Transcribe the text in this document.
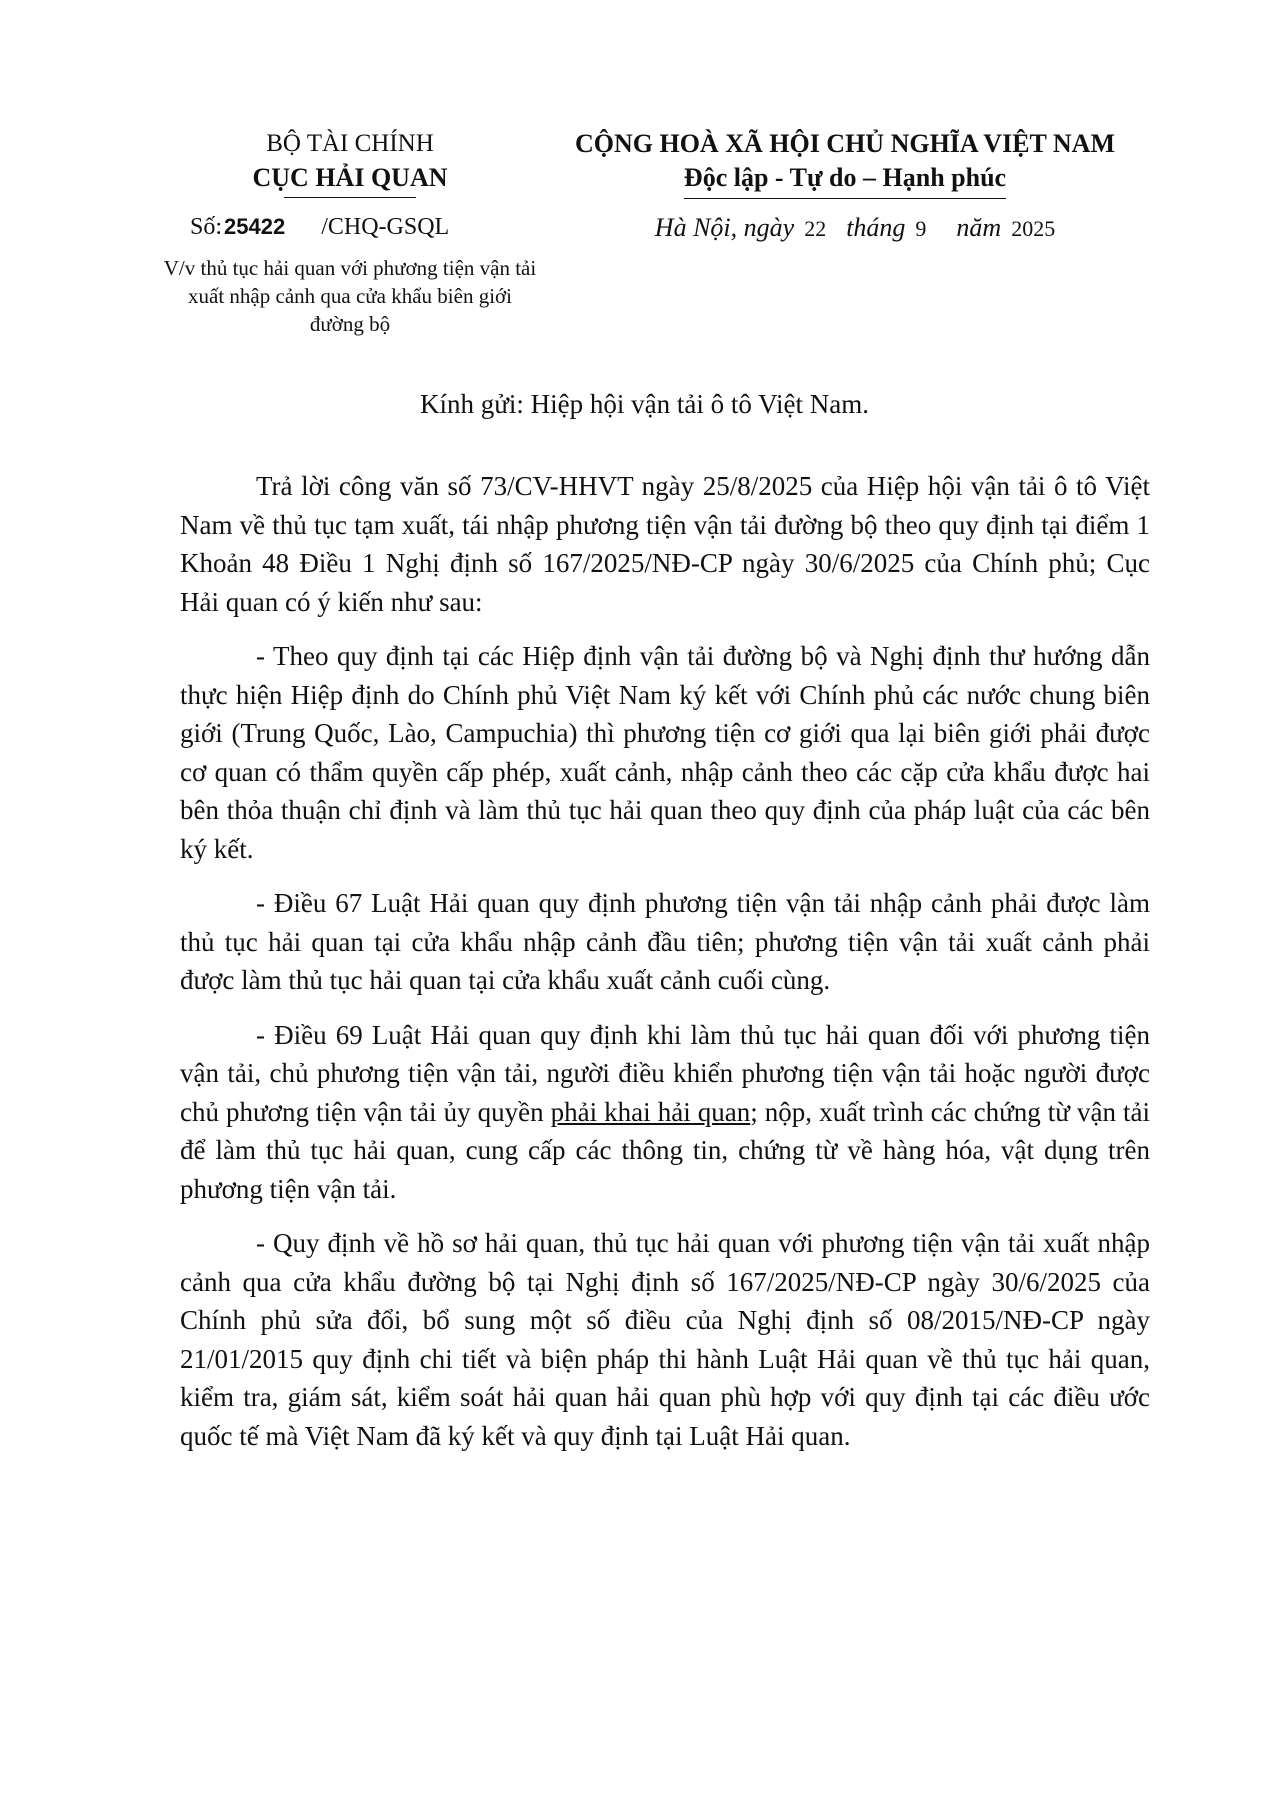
BỘ TÀI CHÍNH
CỤC HẢI QUAN
Số:25422 /CHQ-GSQL
V/v thủ tục hải quan với phương tiện vận tải xuất nhập cảnh qua cửa khẩu biên giới đường bộ
CỘNG HOÀ XÃ HỘI CHỦ NGHĨA VIỆT NAM
Độc lập - Tự do – Hạnh phúc
Hà Nội, ngày 22 tháng 9 năm 2025
Kính gửi: Hiệp hội vận tải ô tô Việt Nam.

Trả lời công văn số 73/CV-HHVT ngày 25/8/2025 của Hiệp hội vận tải ô tô Việt Nam về thủ tục tạm xuất, tái nhập phương tiện vận tải đường bộ theo quy định tại điểm 1 Khoản 48 Điều 1 Nghị định số 167/2025/NĐ-CP ngày 30/6/2025 của Chính phủ; Cục Hải quan có ý kiến như sau:

- Theo quy định tại các Hiệp định vận tải đường bộ và Nghị định thư hướng dẫn thực hiện Hiệp định do Chính phủ Việt Nam ký kết với Chính phủ các nước chung biên giới (Trung Quốc, Lào, Campuchia) thì phương tiện cơ giới qua lại biên giới phải được cơ quan có thẩm quyền cấp phép, xuất cảnh, nhập cảnh theo các cặp cửa khẩu được hai bên thỏa thuận chỉ định và làm thủ tục hải quan theo quy định của pháp luật của các bên ký kết.

- Điều 67 Luật Hải quan quy định phương tiện vận tải nhập cảnh phải được làm thủ tục hải quan tại cửa khẩu nhập cảnh đầu tiên; phương tiện vận tải xuất cảnh phải được làm thủ tục hải quan tại cửa khẩu xuất cảnh cuối cùng.

- Điều 69 Luật Hải quan quy định khi làm thủ tục hải quan đối với phương tiện vận tải, chủ phương tiện vận tải, người điều khiển phương tiện vận tải hoặc người được chủ phương tiện vận tải ủy quyền phải khai hải quan; nộp, xuất trình các chứng từ vận tải để làm thủ tục hải quan, cung cấp các thông tin, chứng từ về hàng hóa, vật dụng trên phương tiện vận tải.

- Quy định về hồ sơ hải quan, thủ tục hải quan với phương tiện vận tải xuất nhập cảnh qua cửa khẩu đường bộ tại Nghị định số 167/2025/NĐ-CP ngày 30/6/2025 của Chính phủ sửa đổi, bổ sung một số điều của Nghị định số 08/2015/NĐ-CP ngày 21/01/2015 quy định chi tiết và biện pháp thi hành Luật Hải quan về thủ tục hải quan, kiểm tra, giám sát, kiểm soát hải quan hải quan phù hợp với quy định tại các điều ước quốc tế mà Việt Nam đã ký kết và quy định tại Luật Hải quan.
